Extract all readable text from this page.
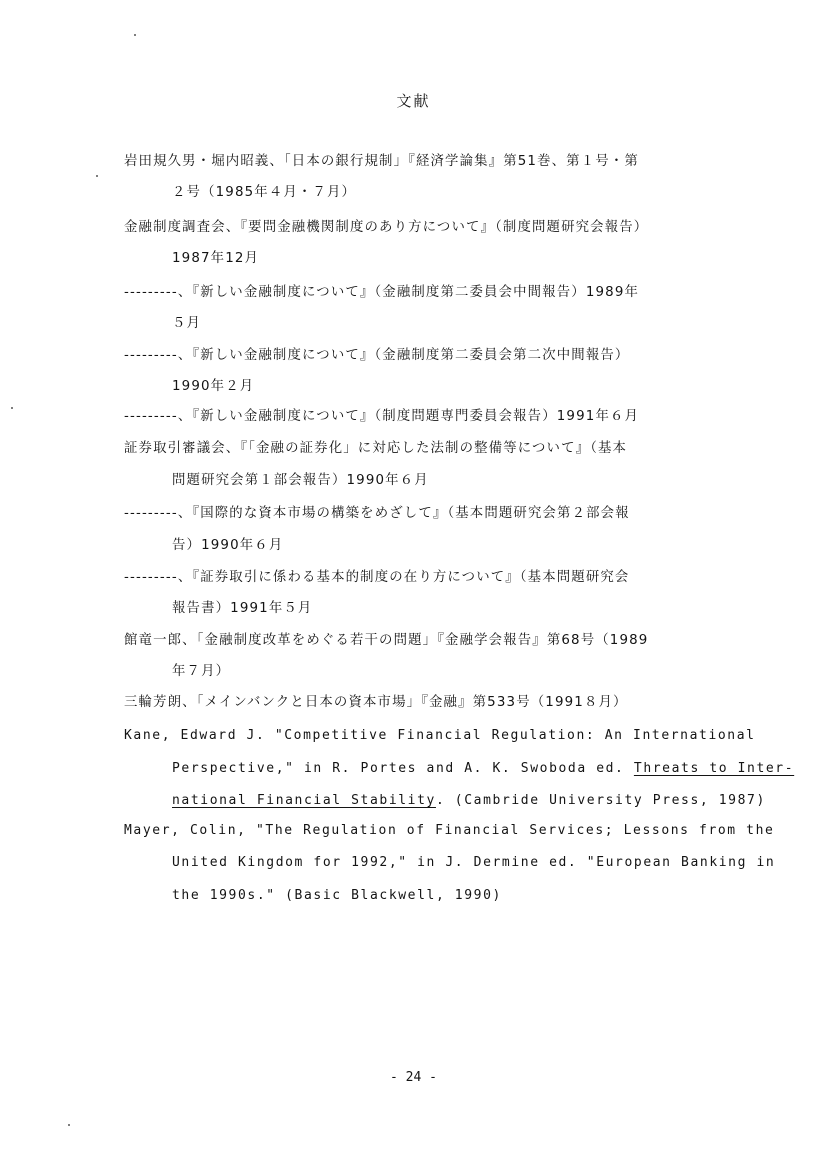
文献
岩田規久男・堀内昭義、「日本の銀行規制」『経済学論集』第51巻、第１号・第
２号（1985年４月・７月）
金融制度調査会、『要問金融機関制度のあり方について』（制度問題研究会報告）
1987年12月
---------、『新しい金融制度について』（金融制度第二委員会中間報告）1989年
５月
---------、『新しい金融制度について』（金融制度第二委員会第二次中間報告）
1990年２月
---------、『新しい金融制度について』（制度問題専門委員会報告）1991年６月
証券取引審議会、『「金融の証券化」に対応した法制の整備等について』（基本
問題研究会第１部会報告）1990年６月
---------、『国際的な資本市場の構築をめざして』（基本問題研究会第２部会報
告）1990年６月
---------、『証券取引に係わる基本的制度の在り方について』（基本問題研究会
報告書）1991年５月
館竜一郎、「金融制度改革をめぐる若干の問題」『金融学会報告』第68号（1989
年７月）
三輪芳朗、「メインバンクと日本の資本市場」『金融』第533号（1991８月）
Kane, Edward J. "Competitive Financial Regulation: An International
Perspective," in R. Portes and A. K. Swoboda ed. Threats to Inter-
national Financial Stability. (Cambride University Press, 1987)
Mayer, Colin, "The Regulation of Financial Services; Lessons from the
United Kingdom for 1992," in J. Dermine ed. "European Banking in
the 1990s." (Basic Blackwell, 1990)
- 24 -
